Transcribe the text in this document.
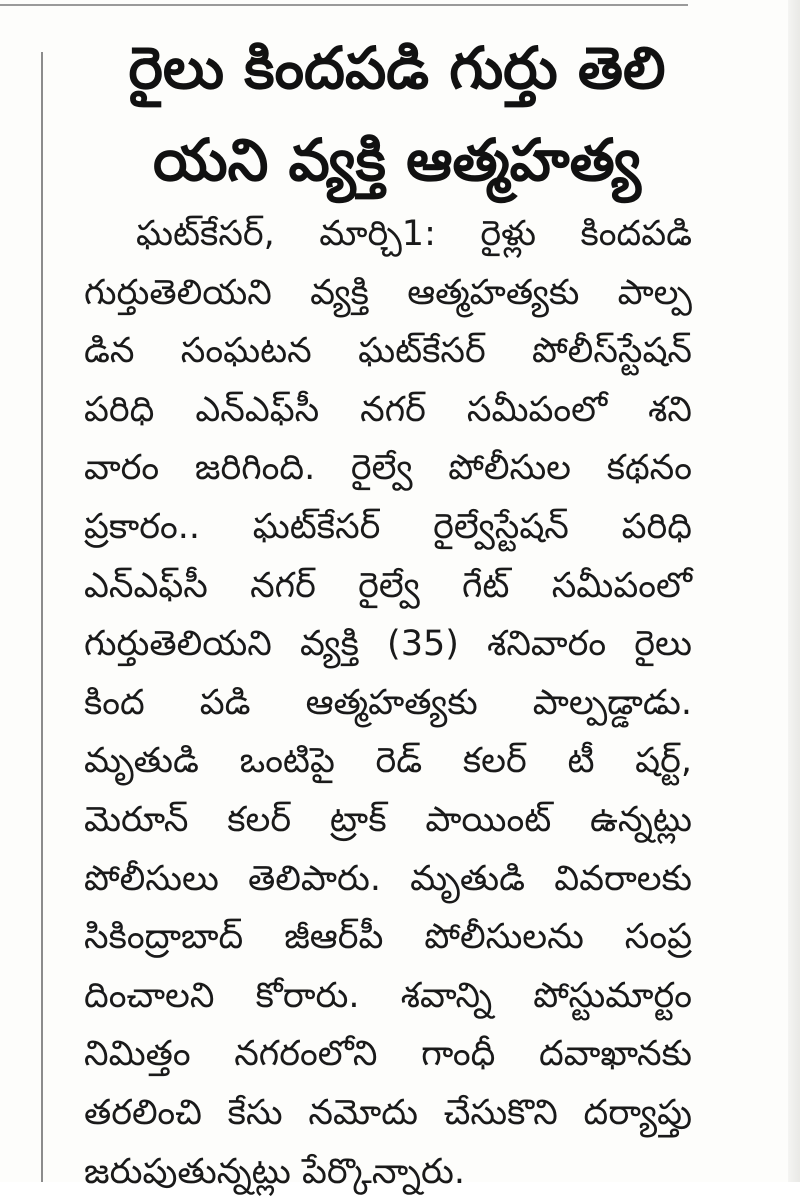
రైలు కిందపడి గుర్తు తెలి
యని వ్యక్తి ఆత్మహత్య
ఘట్‌కేసర్, మార్చి1: రైళ్లు కిందపడి
గుర్తుతెలియని వ్యక్తి ఆత్మహత్యకు పాల్ప
డిన సంఘటన ఘట్‌కేసర్ పోలీస్‌స్టేషన్
పరిధి ఎన్‌ఎఫ్‌సీ నగర్ సమీపంలో శని
వారం జరిగింది. రైల్వే పోలీసుల కథనం
ప్రకారం.. ఘట్‌కేసర్ రైల్వేస్టేషన్ పరిధి
ఎన్‌ఎఫ్‌సీ నగర్ రైల్వే గేట్ సమీపంలో
గుర్తుతెలియని వ్యక్తి (35) శనివారం రైలు
కింద పడి ఆత్మహత్యకు పాల్పడ్డాడు.
మృతుడి ఒంటిపై రెడ్ కలర్ టీ షర్ట్,
మెరూన్ కలర్ ట్రాక్ పాయింట్ ఉన్నట్లు
పోలీసులు తెలిపారు. మృతుడి వివరాలకు
సికింద్రాబాద్ జీఆర్‌పీ పోలీసులను సంప్ర
దించాలని కోరారు. శవాన్ని పోస్టుమార్టం
నిమిత్తం నగరంలోని గాంధీ దవాఖానకు
తరలించి కేసు నమోదు చేసుకొని దర్యాప్తు
జరుపుతున్నట్లు పేర్కొన్నారు.
